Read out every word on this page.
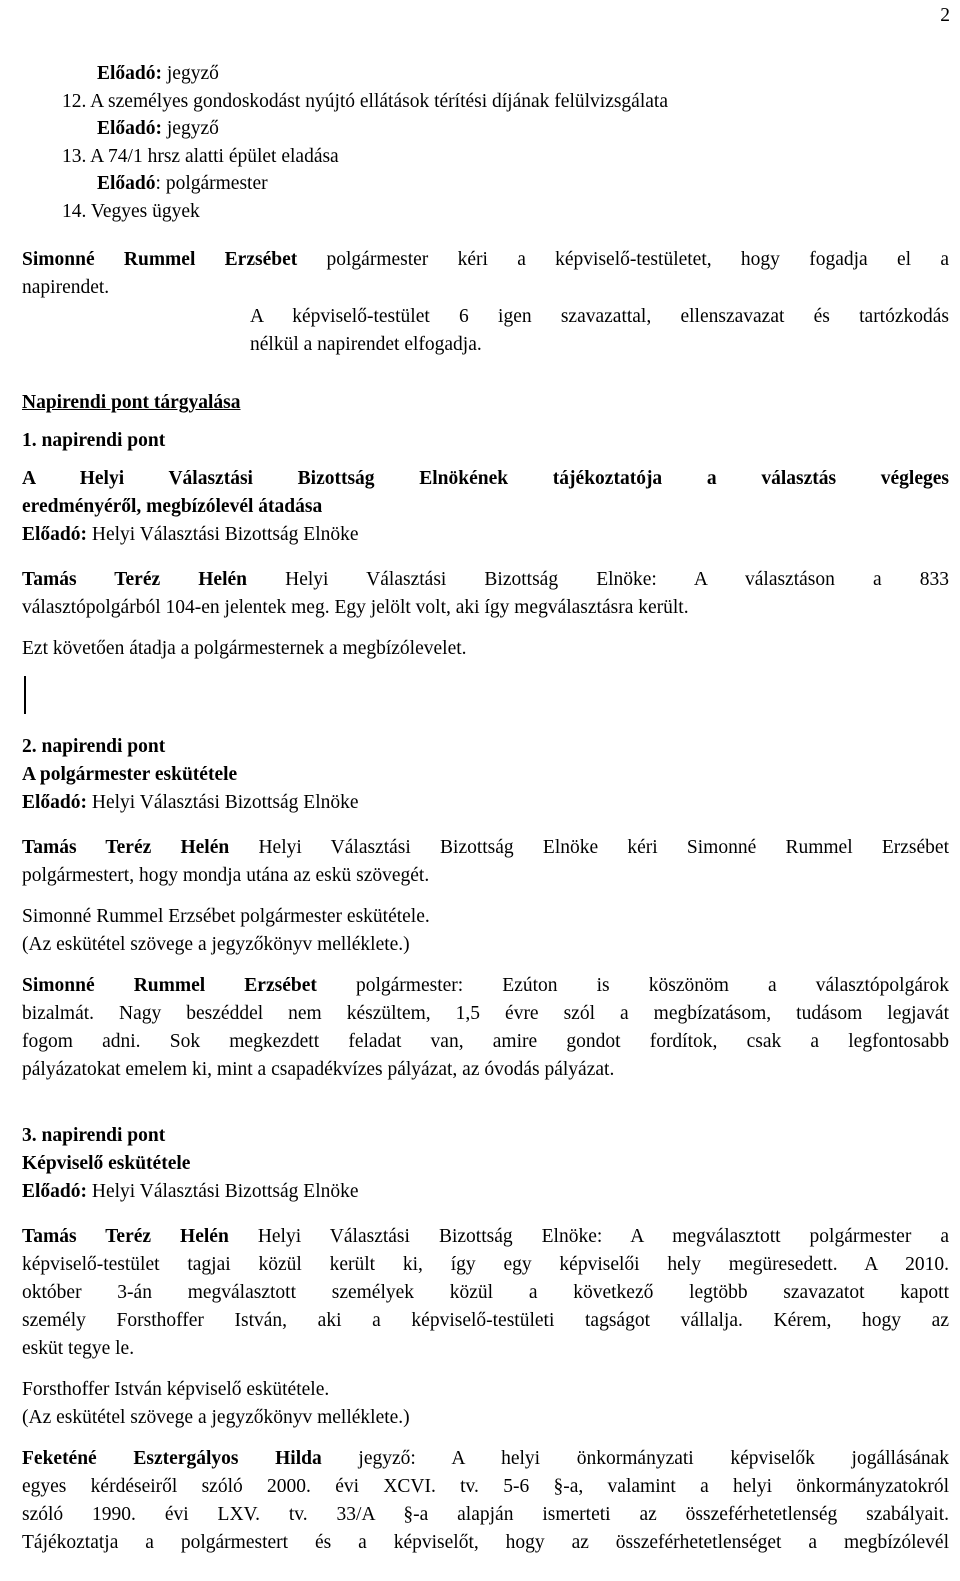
2
Előadó: jegyző
12. A személyes gondoskodást nyújtó ellátások térítési díjának felülvizsgálata
Előadó: jegyző
13. A 74/1 hrsz alatti épület eladása
Előadó: polgármester
14. Vegyes ügyek
Simonné Rummel Erzsébet polgármester kéri a képviselő-testületet, hogy fogadja el a
napirendet.
A képviselő-testület 6 igen szavazattal, ellenszavazat és tartózkodás
nélkül a napirendet elfogadja.
Napirendi pont tárgyalása
1. napirendi pont
A Helyi Választási Bizottság Elnökének tájékoztatója a választás végleges
eredményéről, megbízólevél átadása
Előadó: Helyi Választási Bizottság Elnöke
Tamás Teréz Helén Helyi Választási Bizottság Elnöke: A választáson a 833
választópolgárból 104-en jelentek meg. Egy jelölt volt, aki így megválasztásra került.
Ezt követően átadja a polgármesternek a megbízólevelet.
2. napirendi pont
A polgármester eskütétele
Előadó: Helyi Választási Bizottság Elnöke
Tamás Teréz Helén Helyi Választási Bizottság Elnöke kéri Simonné Rummel Erzsébet
polgármestert, hogy mondja utána az eskü szövegét.
Simonné Rummel Erzsébet polgármester eskütétele.
(Az eskütétel szövege a jegyzőkönyv melléklete.)
Simonné Rummel Erzsébet polgármester: Ezúton is köszönöm a választópolgárok
bizalmát. Nagy beszéddel nem készültem, 1,5 évre szól a megbízatásom, tudásom legjavát
fogom adni. Sok megkezdett feladat van, amire gondot fordítok, csak a legfontosabb
pályázatokat emelem ki, mint a csapadékvízes pályázat, az óvodás pályázat.
3. napirendi pont
Képviselő eskütétele
Előadó: Helyi Választási Bizottság Elnöke
Tamás Teréz Helén Helyi Választási Bizottság Elnöke: A megválasztott polgármester a
képviselő-testület tagjai közül került ki, így egy képviselői hely megüresedett. A 2010.
október 3-án megválasztott személyek közül a következő legtöbb szavazatot kapott
személy Forsthoffer István, aki a képviselő-testületi tagságot vállalja. Kérem, hogy az
esküt tegye le.
Forsthoffer István képviselő eskütétele.
(Az eskütétel szövege a jegyzőkönyv melléklete.)
Feketéné Esztergályos Hilda jegyző: A helyi önkormányzati képviselők jogállásának
egyes kérdéseiről szóló 2000. évi XCVI. tv. 5-6 §-a, valamint a helyi önkormányzatokról
szóló 1990. évi LXV. tv. 33/A §-a alapján ismerteti az összeférhetetlenség szabályait.
Tájékoztatja a polgármestert és a képviselőt, hogy az összeférhetetlenséget a megbízólevél
